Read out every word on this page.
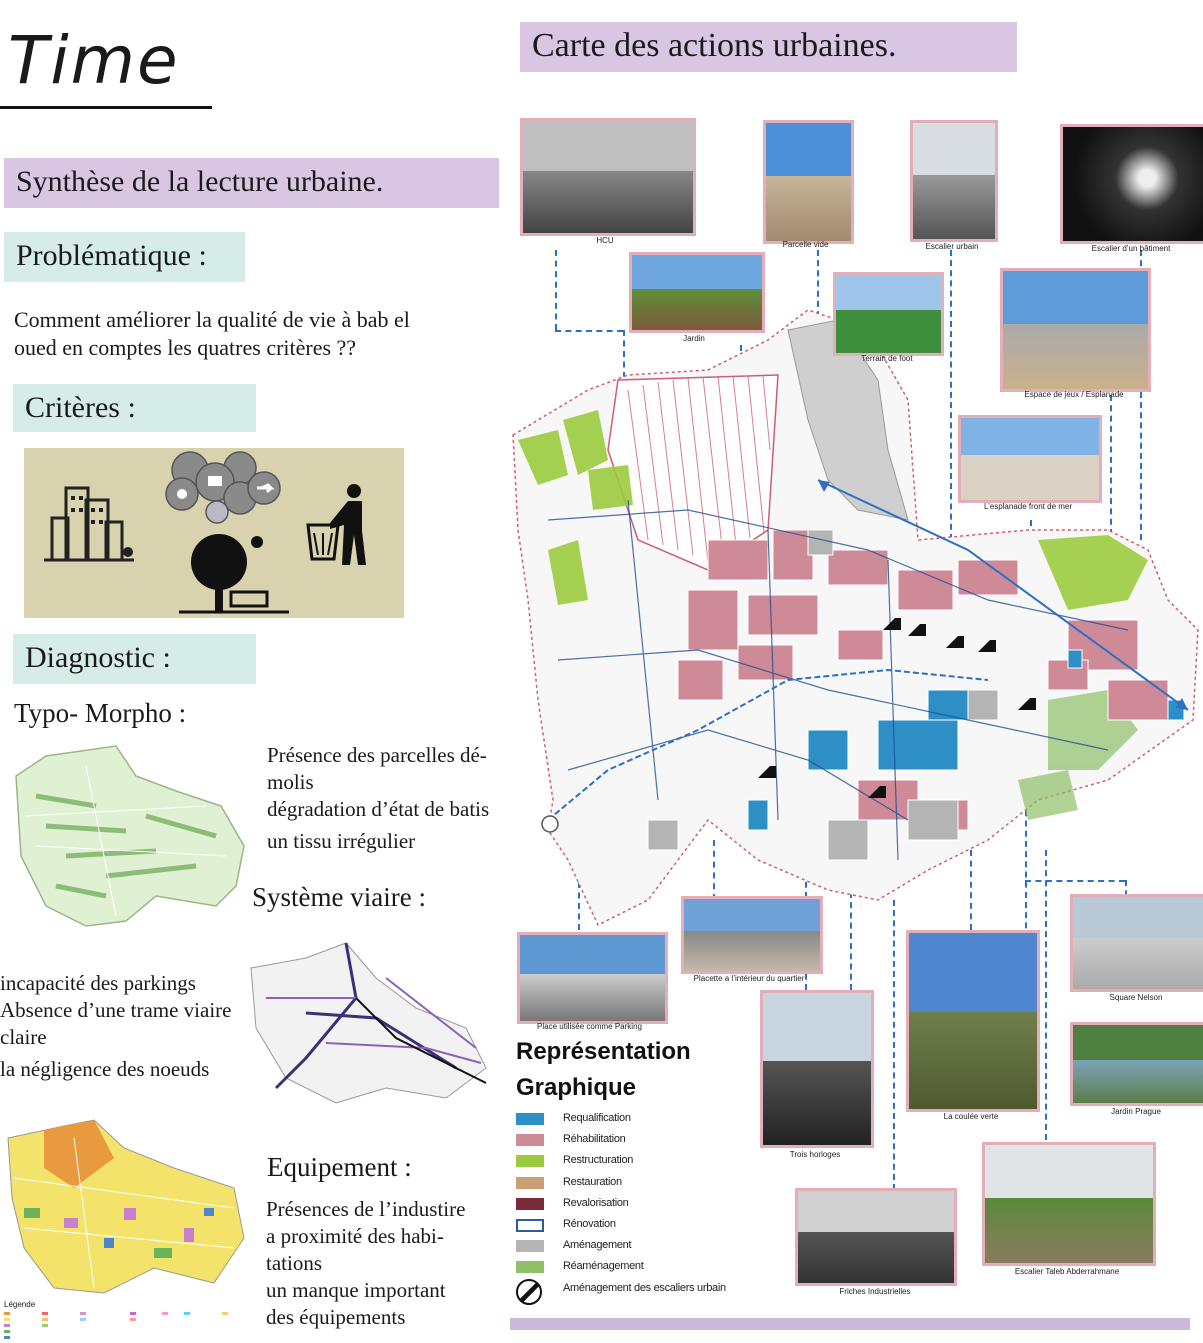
Time
Synthèse de la lecture urbaine.
Problématique :
Comment améliorer la qualité de vie à bab el
oued en comptes les quatres critères ??
Critères :
Diagnostic :
Typo- Morpho :
Présence des parcelles dé-
molis
dégradation d’état de batis
un tissu irrégulier
Système viaire :
incapacité des parkings
Absence d’une trame viaire
claire
la négligence des noeuds
Légende
Equipement :
Présences de l’industire
a proximité des habi-
tations
un manque important
des équipements
Carte des actions urbaines.
HCU	Parcelle vide	Escalier urbain	Escalier d’un bâtiment
Jardin
Terrain de foot
Espace de jeux / Esplanade
L’esplanade front de mer
Placette a l’intérieur du quartier
Place utilisée comme Parking
Trois horloges
La coulée verte
Square Nelson
Jardin Prague
Friches Industrielles
Escalier Taleb Abderrahmane
Représentation
Graphique
Requalification
Réhabilitation
Restructuration
Restauration
Revalorisation
Rénovation
Aménagement
Réaménagement
Aménagement des escaliers urbain
